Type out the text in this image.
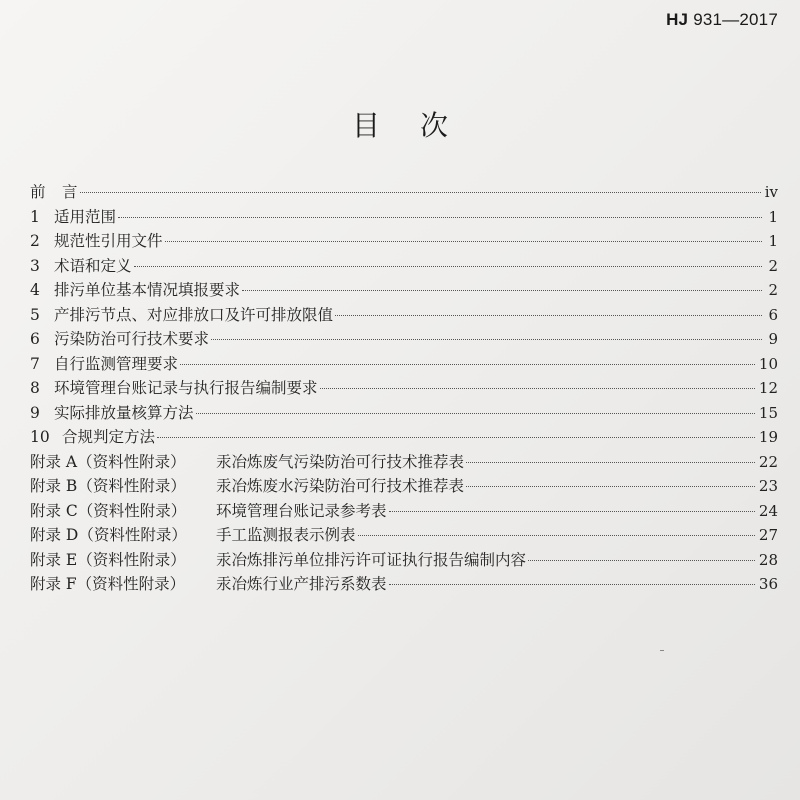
HJ 931—2017
目次
前	言	iv
1 适用范围	1
2 规范性引用文件	1
3 术语和定义	2
4 排污单位基本情况填报要求	2
5 产排污节点、对应排放口及许可排放限值	6
6 污染防治可行技术要求	9
7 自行监测管理要求	10
8 环境管理台账记录与执行报告编制要求	12
9 实际排放量核算方法	15
10 合规判定方法	19
附录 A（资料性附录）	汞冶炼废气污染防治可行技术推荐表	22
附录 B（资料性附录）	汞冶炼废水污染防治可行技术推荐表	23
附录 C（资料性附录）	环境管理台账记录参考表	24
附录 D（资料性附录）	手工监测报表示例表	27
附录 E（资料性附录）	汞冶炼排污单位排污许可证执行报告编制内容	28
附录 F（资料性附录）	汞冶炼行业产排污系数表	36
